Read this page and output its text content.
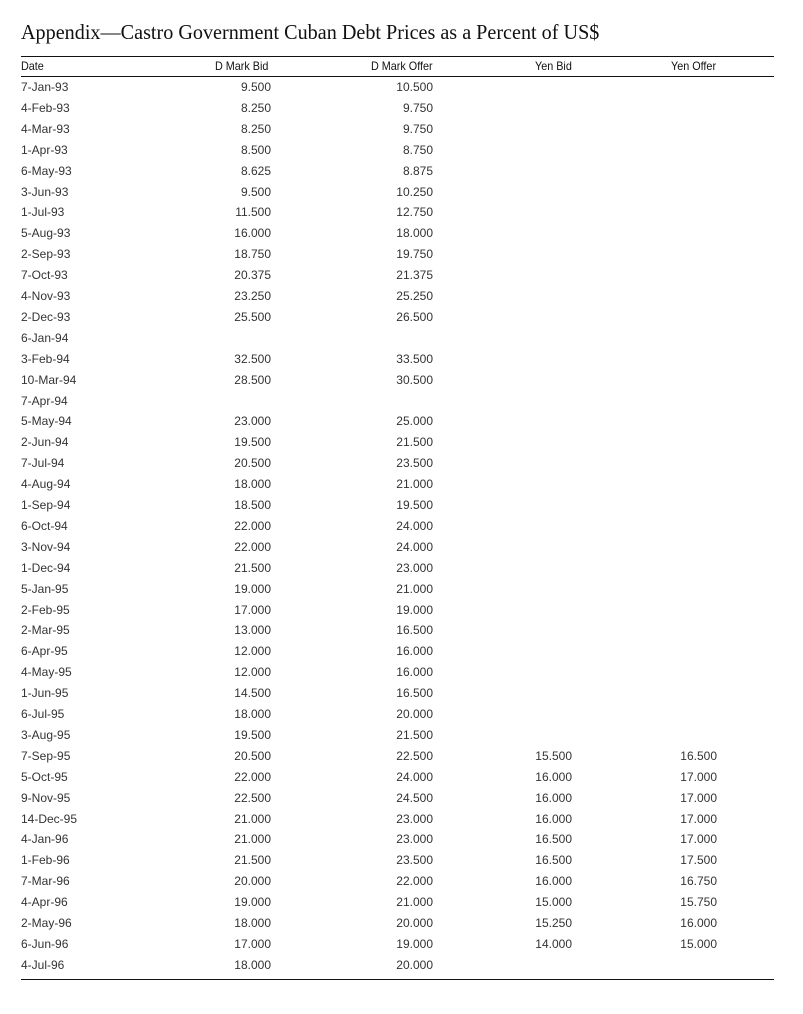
Appendix—Castro Government Cuban Debt Prices as a Percent of US$
Date	D Mark Bid	D Mark Offer	Yen Bid	Yen Offer
7-Jan-93	9.500	10.500
4-Feb-93	8.250	9.750
4-Mar-93	8.250	9.750
1-Apr-93	8.500	8.750
6-May-93	8.625	8.875
3-Jun-93	9.500	10.250
1-Jul-93	11.500	12.750
5-Aug-93	16.000	18.000
2-Sep-93	18.750	19.750
7-Oct-93	20.375	21.375
4-Nov-93	23.250	25.250
2-Dec-93	25.500	26.500
6-Jan-94
3-Feb-94	32.500	33.500
10-Mar-94	28.500	30.500
7-Apr-94
5-May-94	23.000	25.000
2-Jun-94	19.500	21.500
7-Jul-94	20.500	23.500
4-Aug-94	18.000	21.000
1-Sep-94	18.500	19.500
6-Oct-94	22.000	24.000
3-Nov-94	22.000	24.000
1-Dec-94	21.500	23.000
5-Jan-95	19.000	21.000
2-Feb-95	17.000	19.000
2-Mar-95	13.000	16.500
6-Apr-95	12.000	16.000
4-May-95	12.000	16.000
1-Jun-95	14.500	16.500
6-Jul-95	18.000	20.000
3-Aug-95	19.500	21.500
7-Sep-95	20.500	22.500	15.500	16.500
5-Oct-95	22.000	24.000	16.000	17.000
9-Nov-95	22.500	24.500	16.000	17.000
14-Dec-95	21.000	23.000	16.000	17.000
4-Jan-96	21.000	23.000	16.500	17.000
1-Feb-96	21.500	23.500	16.500	17.500
7-Mar-96	20.000	22.000	16.000	16.750
4-Apr-96	19.000	21.000	15.000	15.750
2-May-96	18.000	20.000	15.250	16.000
6-Jun-96	17.000	19.000	14.000	15.000
4-Jul-96	18.000	20.000
